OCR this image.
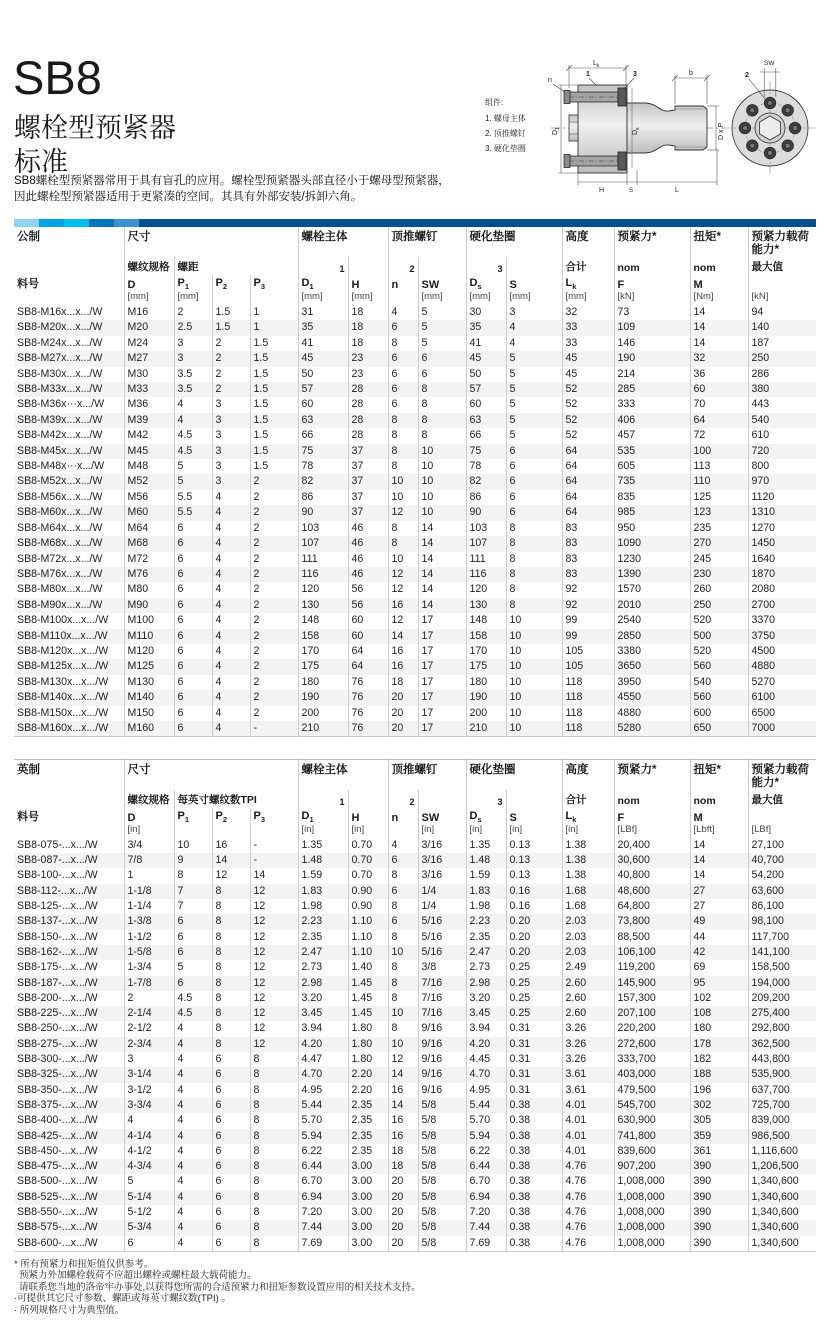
SB8
螺栓型预紧器
标准
SB8螺栓型预紧器常用于具有盲孔的应用。螺栓型预紧器头部直径小于螺母型预紧器，
因此螺栓型预紧器适用于更紧凑的空间。其具有外部安装/拆卸六角。
组件:
1. 螺母主体
2. 顶推螺钉
3. 硬化垫圈
$L_k$
n
1	3	b
$D_1$
$D_s$	D x P
H	S	L
2
SW
公制	尺寸				螺栓主体		顶推螺钉		硬化垫圈		高度	预紧力*	扭矩*	预紧力载荷能力*
	螺纹规格	螺距			1		2		3		合计	nom	nom	最大值
料号	D	$P_1$	$P_2$	$P_3$	$D_1$	H	n	SW	$D_s$	S	$L_k$	F	M	
	[mm]	[mm]			[mm]	[mm]		[mm]	[mm]	[mm]	[mm]	[kN]	[Nm]	[kN]
SB8-M16x...x.../W	M16	2	1.5	1	31	18	4	5	30	3	32	73	14	94
SB8-M20x...x.../W	M20	2.5	1.5	1	35	18	6	5	35	4	33	109	14	140
SB8-M24x...x.../W	M24	3	2	1.5	41	18	8	5	41	4	33	146	14	187
SB8-M27x...x.../W	M27	3	2	1.5	45	23	6	6	45	5	45	190	32	250
SB8-M30x...x.../W	M30	3.5	2	1.5	50	23	6	6	50	5	45	214	36	286
SB8-M33x...x.../W	M33	3.5	2	1.5	57	28	6	8	57	5	52	285	60	380
SB8-M36x···x.../W	M36	4	3	1.5	60	28	6	8	60	5	52	333	70	443
SB8-M39x...x.../W	M39	4	3	1.5	63	28	8	8	63	5	52	406	64	540
SB8-M42x...x.../W	M42	4.5	3	1.5	66	28	8	8	66	5	52	457	72	610
SB8-M45x...x.../W	M45	4.5	3	1.5	75	37	8	10	75	6	64	535	100	720
SB8-M48x···x.../W	M48	5	3	1.5	78	37	8	10	78	6	64	605	113	800
SB8-M52x...x.../W	M52	5	3	2	82	37	10	10	82	6	64	735	110	970
SB8-M56x...x.../W	M56	5.5	4	2	86	37	10	10	86	6	64	835	125	1120
SB8-M60x...x.../W	M60	5.5	4	2	90	37	12	10	90	6	64	985	123	1310
SB8-M64x...x.../W	M64	6	4	2	103	46	8	14	103	8	83	950	235	1270
SB8-M68x...x.../W	M68	6	4	2	107	46	8	14	107	8	83	1090	270	1450
SB8-M72x...x.../W	M72	6	4	2	111	46	10	14	111	8	83	1230	245	1640
SB8-M76x...x.../W	M76	6	4	2	116	46	12	14	116	8	83	1390	230	1870
SB8-M80x...x.../W	M80	6	4	2	120	56	12	14	120	8	92	1570	260	2080
SB8-M90x...x.../W	M90	6	4	2	130	56	16	14	130	8	92	2010	250	2700
SB8-M100x...x.../W	M100	6	4	2	148	60	12	17	148	10	99	2540	520	3370
SB8-M110x...x.../W	M110	6	4	2	158	60	14	17	158	10	99	2850	500	3750
SB8-M120x...x.../W	M120	6	4	2	170	64	16	17	170	10	105	3380	520	4500
SB8-M125x...x.../W	M125	6	4	2	175	64	16	17	175	10	105	3650	560	4880
SB8-M130x...x.../W	M130	6	4	2	180	76	18	17	180	10	118	3950	540	5270
SB8-M140x...x.../W	M140	6	4	2	190	76	20	17	190	10	118	4550	560	6100
SB8-M150x...x.../W	M150	6	4	2	200	76	20	17	200	10	118	4880	600	6500
SB8-M160x...x.../W	M160	6	4	-	210	76	20	17	210	10	118	5280	650	7000
英制	尺寸				螺栓主体		顶推螺钉		硬化垫圈		高度	预紧力*	扭矩*	预紧力载荷能力*
	螺纹规格	每英寸螺纹数TPI			1		2		3		合计	nom	nom	最大值
料号	D	$P_1$	$P_2$	$P_3$	$D_1$	H	n	SW	$D_s$	S	$L_k$	F	M	
	[in]				[in]	[in]		[in]	[in]	[in]	[in]	[LBf]	[Lbft]	[LBf]
SB8-075-...x.../W	3/4	10	16	-	1.35	0.70	4	3/16	1.35	0.13	1.38	20,400	14	27,100
SB8-087-...x.../W	7/8	9	14	-	1.48	0.70	6	3/16	1.48	0.13	1.38	30,600	14	40,700
SB8-100-...x.../W	1	8	12	14	1.59	0.70	8	3/16	1.59	0.13	1.38	40,800	14	54,200
SB8-112-...x.../W	1-1/8	7	8	12	1.83	0.90	6	1/4	1.83	0.16	1.68	48,600	27	63,600
SB8-125-...x.../W	1-1/4	7	8	12	1.98	0.90	8	1/4	1.98	0.16	1.68	64,800	27	86,100
SB8-137-...x.../W	1-3/8	6	8	12	2.23	1.10	6	5/16	2.23	0.20	2.03	73,800	49	98,100
SB8-150-...x.../W	1-1/2	6	8	12	2.35	1.10	8	5/16	2.35	0.20	2.03	88,500	44	117,700
SB8-162-...x.../W	1-5/8	6	8	12	2.47	1.10	10	5/16	2.47	0.20	2.03	106,100	42	141,100
SB8-175-...x.../W	1-3/4	5	8	12	2.73	1.40	8	3/8	2.73	0.25	2.49	119,200	69	158,500
SB8-187-...x.../W	1-7/8	6	8	12	2.98	1.45	8	7/16	2.98	0.25	2.60	145,900	95	194,000
SB8-200-...x.../W	2	4.5	8	12	3.20	1.45	8	7/16	3.20	0.25	2.60	157,300	102	209,200
SB8-225-...x.../W	2-1/4	4.5	8	12	3.45	1.45	10	7/16	3.45	0.25	2.60	207,100	108	275,400
SB8-250-...x.../W	2-1/2	4	8	12	3.94	1.80	8	9/16	3.94	0.31	3.26	220,200	180	292,800
SB8-275-...x.../W	2-3/4	4	8	12	4.20	1.80	10	9/16	4.20	0.31	3.26	272,600	178	362,500
SB8-300-...x.../W	3	4	6	8	4.47	1.80	12	9/16	4.45	0.31	3.26	333,700	182	443,800
SB8-325-...x.../W	3-1/4	4	6	8	4.70	2.20	14	9/16	4.70	0.31	3.61	403,000	188	535,900
SB8-350-...x.../W	3-1/2	4	6	8	4.95	2.20	16	9/16	4.95	0.31	3.61	479,500	196	637,700
SB8-375-...x.../W	3-3/4	4	6	8	5.44	2.35	14	5/8	5.44	0.38	4.01	545,700	302	725,700
SB8-400-...x.../W	4	4	6	8	5.70	2.35	16	5/8	5.70	0.38	4.01	630,900	305	839,000
SB8-425-...x.../W	4-1/4	4	6	8	5.94	2.35	16	5/8	5.94	0.38	4.01	741,800	359	986,500
SB8-450-...x.../W	4-1/2	4	6	8	6.22	2.35	18	5/8	6.22	0.38	4.01	839,600	361	1,116,600
SB8-475-...x.../W	4-3/4	4	6	8	6.44	3.00	18	5/8	6.44	0.38	4.76	907,200	390	1,206,500
SB8-500-...x.../W	5	4	6	8	6.70	3.00	20	5/8	6.70	0.38	4.76	1,008,000	390	1,340,600
SB8-525-...x.../W	5-1/4	4	6	8	6.94	3.00	20	5/8	6.94	0.38	4.76	1,008,000	390	1,340,600
SB8-550-...x.../W	5-1/2	4	6	8	7.20	3.00	20	5/8	7.20	0.38	4.76	1,008,000	390	1,340,600
SB8-575-...x.../W	5-3/4	4	6	8	7.44	3.00	20	5/8	7.44	0.38	4.76	1,008,000	390	1,340,600
SB8-600-...x.../W	6	4	6	8	7.69	3.00	20	5/8	7.69	0.38	4.76	1,008,000	390	1,340,600
* 所有预紧力和扭矩值仅供参考。
预紧力外加螺栓载荷不应超出螺栓或螺柱最大载荷能力。
请联系您当地的洛帝牢办事处,以获得您所需的合适预紧力和扭矩参数设置应用的相关技术支持。
·可提供其它尺寸参数、螺距或每英寸螺纹数(TPI) 。
· 所列规格尺寸为典型值。
